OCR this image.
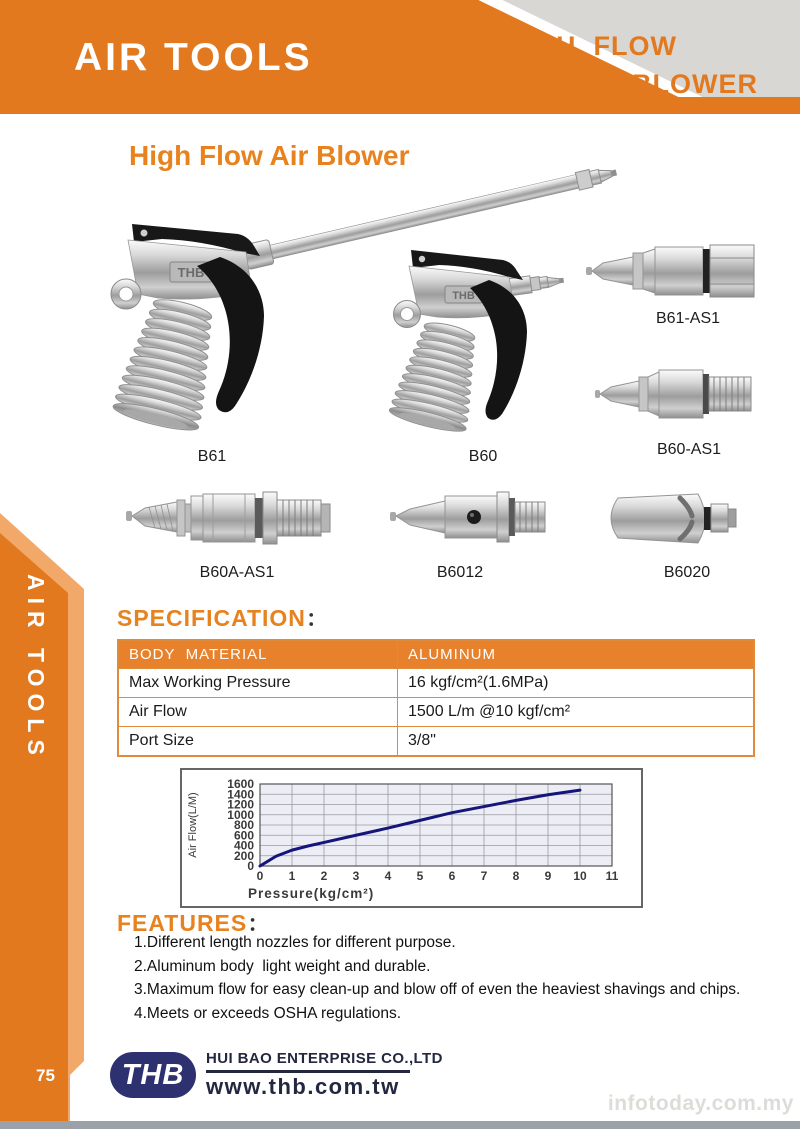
AIR TOOLS	HIGH  FLOW
AIR BLOWER
AIR TOOLS
75
High Flow Air Blower
THB
THB
B61	B60
B61-AS1
B60-AS1
B60A-AS1	B6012	B6020
SPECIFICATION：
BODY  MATERIAL	ALUMINUM
Max Working Pressure	16 kgf/cm²(1.6MPa)
Air Flow	1500 L/m @10 kgf/cm²
Port Size	3/8"
0
200
400
600
800
1000
1200
1400
1600
0 1 2 3 4 5 6 7 8 9 10 11
Pressure(kg/cm²)
Air Flow(L/M)
FEATURES：
1.Different length nozzles for different purpose.
2.Aluminum body  light weight and durable.
3.Maximum flow for easy clean-up and blow off of even the heaviest shavings and chips.
4.Meets or exceeds OSHA regulations.
THB HUI BAO ENTERPRISE CO.,LTD
www.thb.com.tw
infotoday.com.my
